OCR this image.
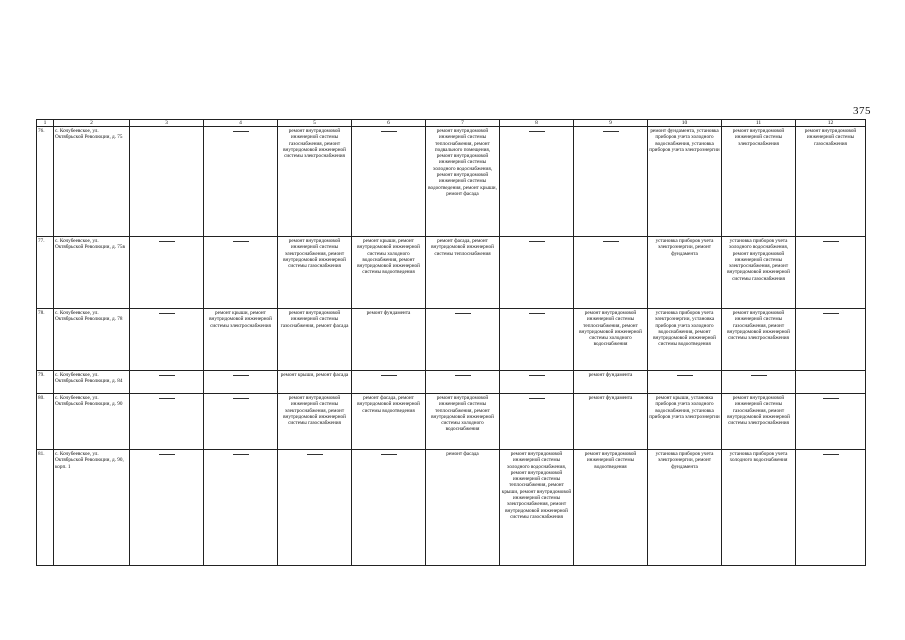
375
1	2	3	4	5	6	7	8	9	10	11	12
76.	с. Кочубеевское, ул. Октябрьской Революции, д. 75			ремонт внутридомовой инженерной системы газоснабжения, ремонт внутридомовой инженерной системы электроснабжения		ремонт внутридомовой инженерной системы теплоснабжения, ремонт подвального помещения, ремонт внутридомовой инженерной системы холодного водоснабжения, ремонт внутридомовой инженерной системы водоотведения, ремонт крыши, ремонт фасада			ремонт фундамента, установка приборов учета холодного водоснабжения, установка приборов учета электроэнергии	ремонт внутридомовой инженерной системы электроснабжения	ремонт внутридомовой инженерной системы газоснабжения
77.	с. Кочубеевское, ул. Октябрьской Революции, д. 75в			ремонт внутридомовой инженерной системы электроснабжения, ремонт внутридомовой инженерной системы газоснабжения	ремонт крыши, ремонт внутридомовой инженерной системы холодного водоснабжения, ремонт внутридомовой инженерной системы водоотведения	ремонт фасада, ремонт внутридомовой инженерной системы теплоснабжения			установка приборов учета электроэнергии, ремонт фундамента	установка приборов учета холодного водоснабжения, ремонт внутридомовой инженерной системы электроснабжения, ремонт внутридомовой инженерной системы газоснабжения	

78.	с. Кочубеевское, ул. Октябрьской Революции, д. 78		ремонт крыши, ремонт внутридомовой инженерной системы электроснабжения	ремонт внутридомовой инженерной системы газоснабжения, ремонт фасада	ремонт фундамента			ремонт внутридомовой инженерной системы теплоснабжения, ремонт внутридомовой инженерной системы холодного водоснабжения	установка приборов учета электроэнергии, установка приборов учета холодного водоснабжения, ремонт внутридомовой инженерной системы водоотведения	ремонт внутридомовой инженерной системы газоснабжения, ремонт внутридомовой инженерной системы электроснабжения	

79.	с. Кочубеевское, ул. Октябрьской Революции, д. 84			ремонт крыши, ремонт фасада				ремонт фундамента	

80.	с. Кочубеевское, ул. Октябрьской Революции, д. 90			ремонт внутридомовой инженерной системы электроснабжения, ремонт внутридомовой инженерной системы газоснабжения	ремонт фасада, ремонт внутридомовой инженерной системы водоотведения	ремонт внутридомовой инженерной системы теплоснабжения, ремонт внутридомовой инженерной системы холодного водоснабжения		ремонт фундамента	ремонт крыши, установка приборов учета холодного водоснабжения, установка приборов учета электроэнергии	ремонт внутридомовой инженерной системы газоснабжения, ремонт внутридомовой инженерной системы электроснабжения	

81.	с. Кочубеевское, ул. Октябрьской Революции, д. 90, корп. 1					ремонт фасада	ремонт внутридомовой инженерной системы холодного водоснабжения, ремонт внутридомовой инженерной системы теплоснабжения, ремонт крыши, ремонт внутридомовой инженерной системы электроснабжения, ремонт внутридомовой инженерной системы газоснабжения	ремонт внутридомовой инженерной системы водоотведения	установка приборов учета электроэнергии, ремонт фундамента	установка приборов учета холодного водоснабжения	
